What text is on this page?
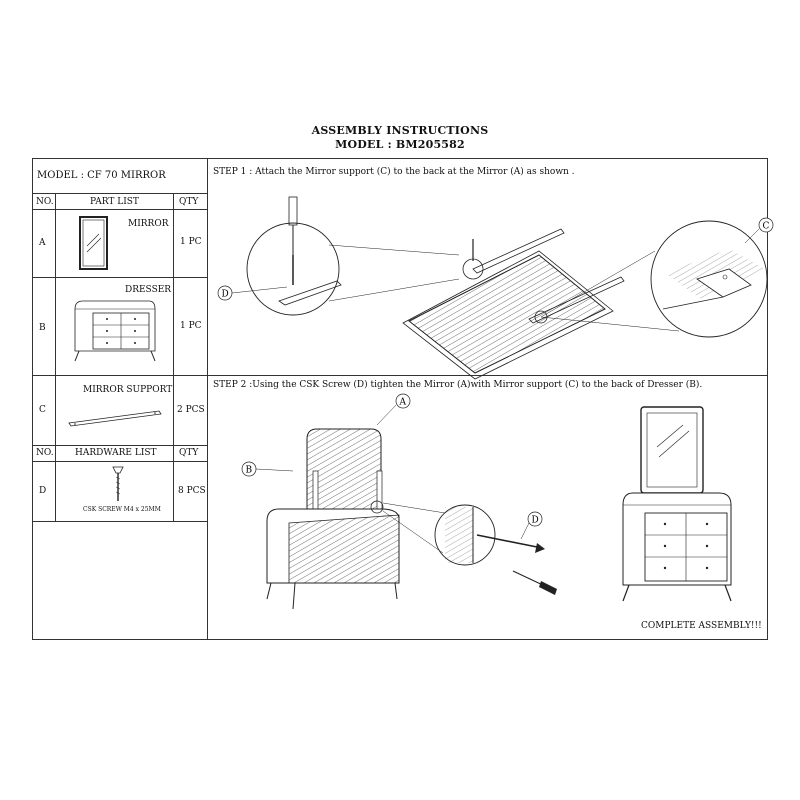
ASSEMBLY INSTRUCTIONS
MODEL : BM205582
MODEL : CF 70 MIRROR
NO.	PART LIST	QTY
A
MIRROR
1 PC
B
DRESSER
1 PC
C
MIRROR SUPPORT
2 PCS
NO. HARDWARE LIST QTY
D
CSK SCREW M4 x 25MM
8 PCS
STEP 1 : Attach the Mirror support (C) to the back at the Mirror (A) as shown .
D
C
STEP 2 :Using the CSK Screw (D) tighten the Mirror (A)with Mirror support (C) to the back of Dresser (B).
A
B
D
COMPLETE ASSEMBLY!!!
